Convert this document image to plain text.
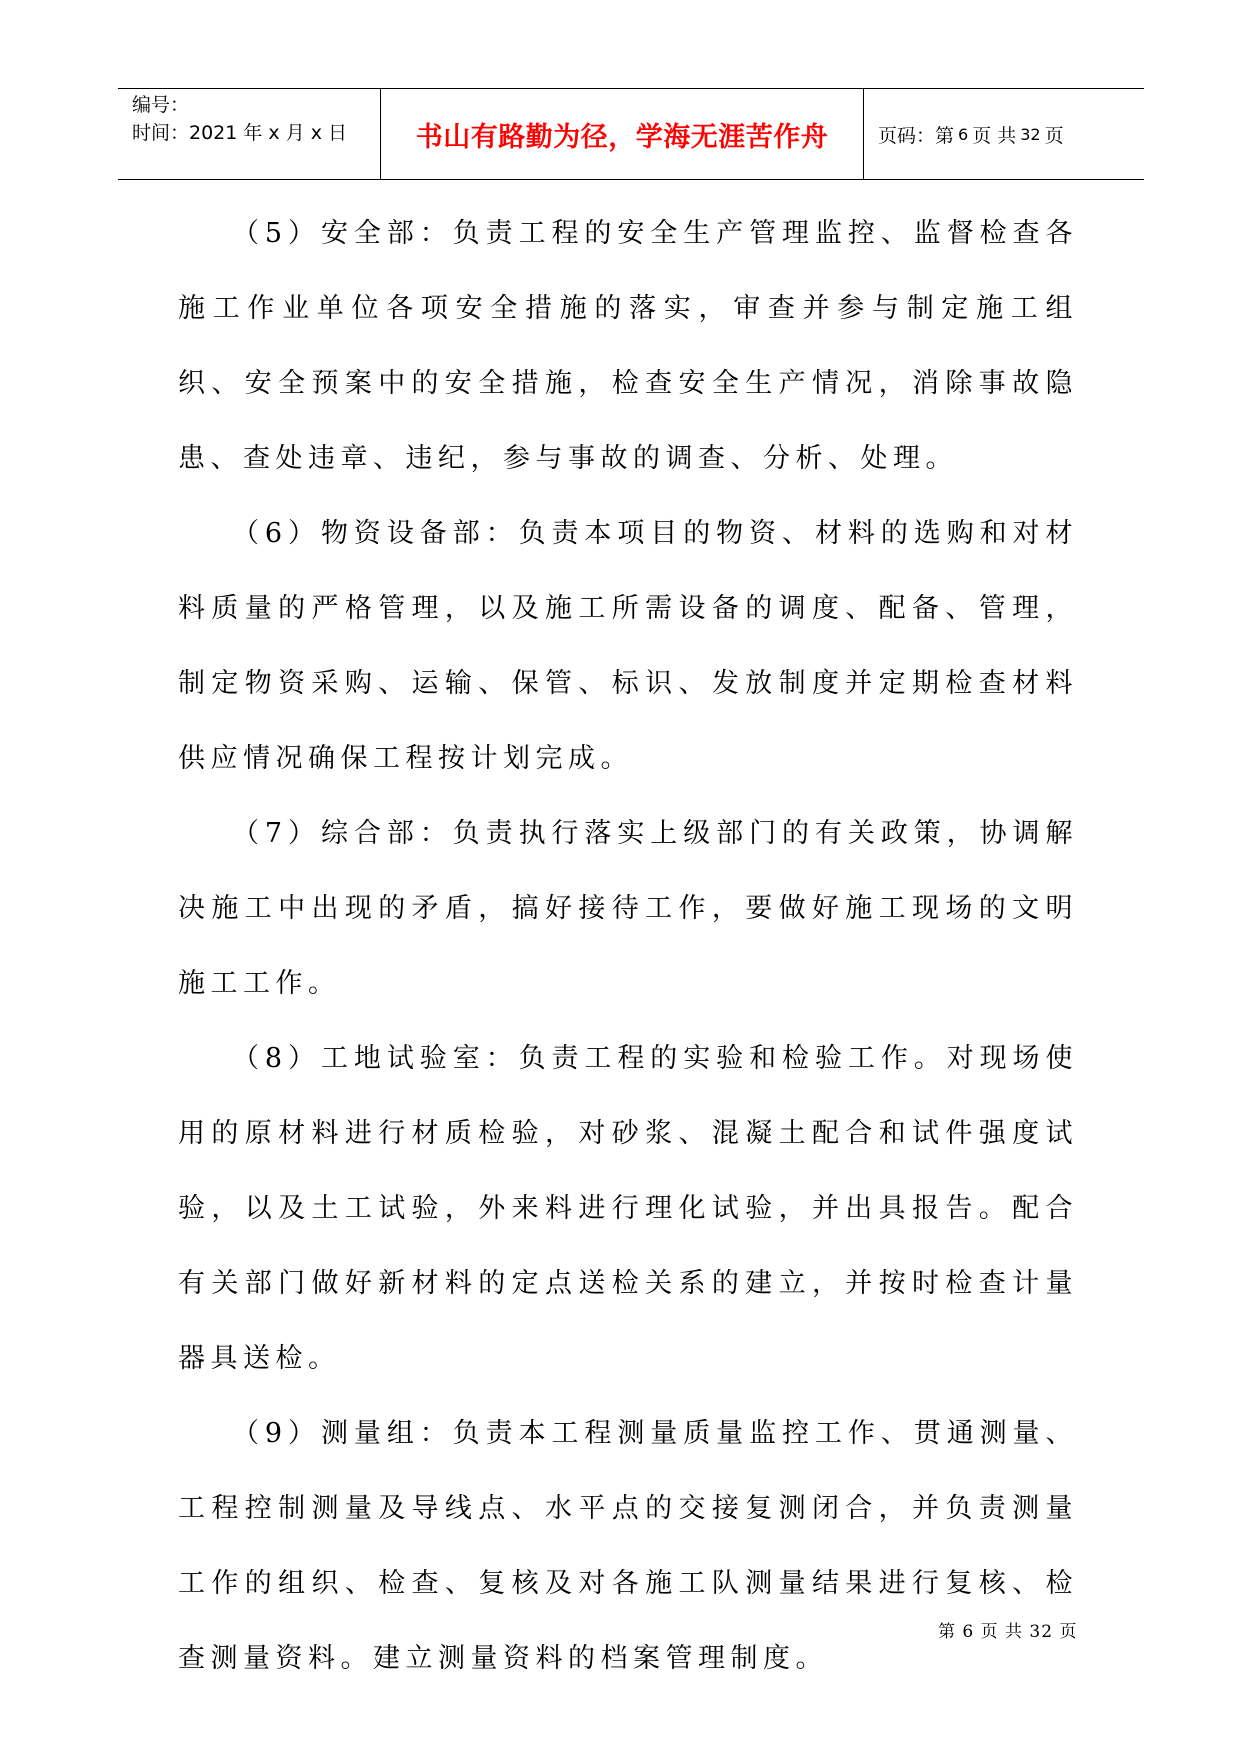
编号：
时间：2021 年 x 月 x 日	书山有路勤为径，学海无涯苦作舟	页码：第 6 页 共 32 页

（5）安全部：负责工程的安全生产管理监控、监督检查各施工作业单位各项安全措施的落实，审查并参与制定施工组织、安全预案中的安全措施，检查安全生产情况，消除事故隐患、查处违章、违纪，参与事故的调查、分析、处理。

（6）物资设备部：负责本项目的物资、材料的选购和对材料质量的严格管理，以及施工所需设备的调度、配备、管理，制定物资采购、运输、保管、标识、发放制度并定期检查材料供应情况确保工程按计划完成。

（7）综合部：负责执行落实上级部门的有关政策，协调解决施工中出现的矛盾，搞好接待工作，要做好施工现场的文明施工工作。

（8）工地试验室：负责工程的实验和检验工作。对现场使用的原材料进行材质检验，对砂浆、混凝土配合和试件强度试验，以及土工试验，外来料进行理化试验，并出具报告。配合有关部门做好新材料的定点送检关系的建立，并按时检查计量器具送检。

（9）测量组：负责本工程测量质量监控工作、贯通测量、工程控制测量及导线点、水平点的交接复测闭合，并负责测量工作的组织、检查、复核及对各施工队测量结果进行复核、检查测量资料。建立测量资料的档案管理制度。

第 6 页 共 32 页
